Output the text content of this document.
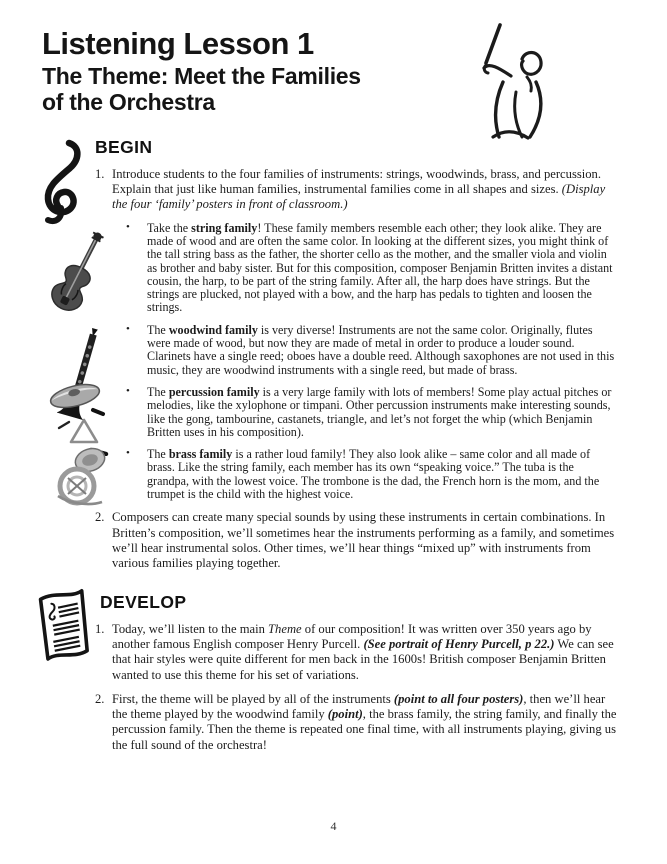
Listening Lesson 1
The Theme: Meet the Families
of the Orchestra
BEGIN
1. Introduce students to the four families of instruments: strings, woodwinds, brass, and percussion. Explain that just like human families, instrumental families come in all shapes and sizes. (Display the four ‘family’ posters in front of classroom.)
• Take the string family! These family members resemble each other; they look alike. They are made of wood and are often the same color. In looking at the different sizes, you might think of the tall string bass as the father, the shorter cello as the mother, and the smaller viola and violin as brother and baby sister. But for this composition, composer Benjamin Britten invites a distant cousin, the harp, to be part of the string family. After all, the harp does have strings. But the strings are plucked, not played with a bow, and the harp has pedals to tighten and loosen the strings.
• The woodwind family is very diverse! Instruments are not the same color. Originally, flutes were made of wood, but now they are made of metal in order to produce a louder sound. Clarinets have a single reed; oboes have a double reed. Although saxophones are not used in this music, they are woodwind instruments with a single reed, but made of brass.
• The percussion family is a very large family with lots of members! Some play actual pitches or melodies, like the xylophone or timpani. Other percussion instruments make interesting sounds, like the gong, tambourine, castanets, triangle, and let’s not forget the whip (which Benjamin Britten uses in his composition).
• The brass family is a rather loud family! They also look alike – same color and all made of brass. Like the string family, each member has its own “speaking voice.” The tuba is the grandpa, with the lowest voice. The trombone is the dad, the French horn is the mom, and the trumpet is the child with the highest voice.
2. Composers can create many special sounds by using these instruments in certain combinations. In Britten’s composition, we’ll sometimes hear the instruments performing as a family, and sometimes we’ll hear instrumental solos. Other times, we’ll hear things “mixed up” with instruments from various families playing together.
DEVELOP
1. Today, we’ll listen to the main Theme of our composition! It was written over 350 years ago by another famous English composer Henry Purcell. (See portrait of Henry Purcell, p 22.) We can see that hair styles were quite different for men back in the 1600s! British composer Benjamin Britten wanted to use this theme for his set of variations.
2. First, the theme will be played by all of the instruments (point to all four posters), then we’ll hear the theme played by the woodwind family (point), the brass family, the string family, and finally the percussion family. Then the theme is repeated one final time, with all instruments playing, giving us the full sound of the orchestra!
4
